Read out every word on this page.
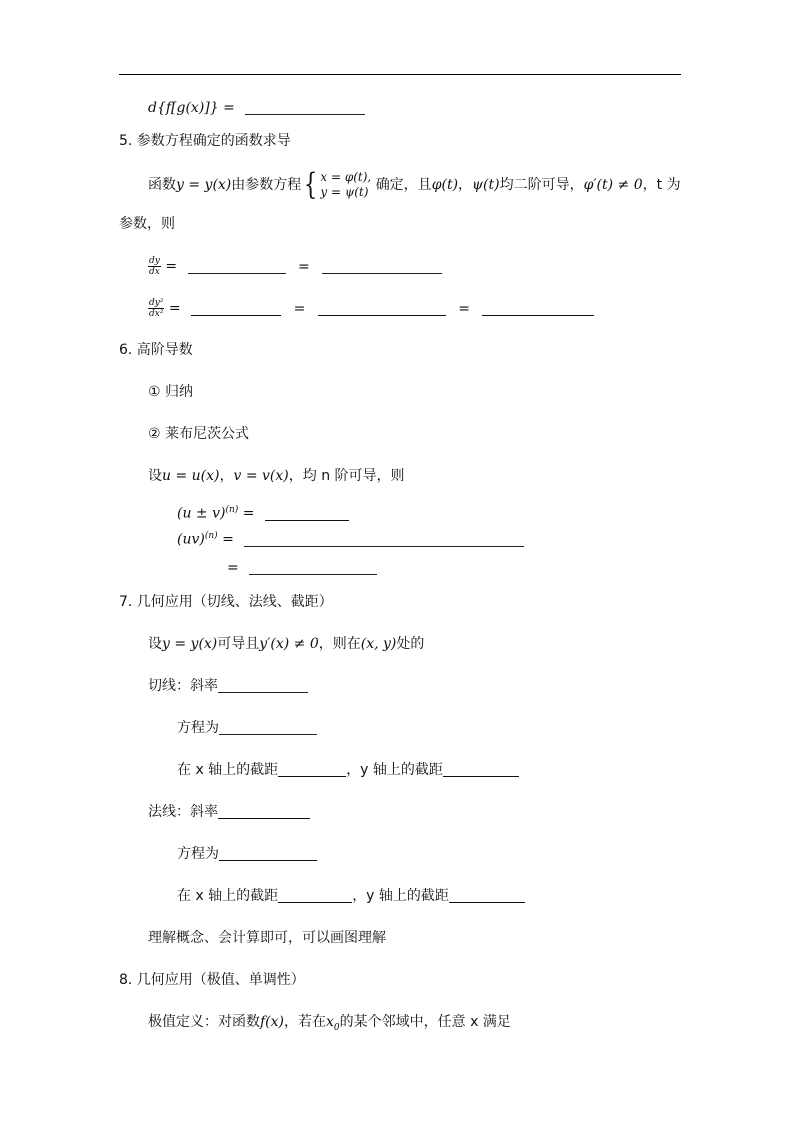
d{f[g(x)]} =
5. 参数方程确定的函数求导
函数y = y(x)由参数方程{ x = φ(t),
y = ψ(t) 确定，且φ(t)，ψ(t)均二阶可导，φ′(t) ≠ 0，t 为
参数，则
$\frac{dy}{dx}$ =	=
$\frac{\text{dy²}}{\text{dx²}}$ =	=	=
6. 高阶导数
① 归纳
② 莱布尼茨公式
设u = u(x)，v = v(x)，均 n 阶可导，则
$(u \pm v)^{(n)}$ =
(uv)$^{(n)}$ =
=
7. 几何应用（切线、法线、截距）
设y = y(x)可导且y′(x) ≠ 0，则在(x, y)处的
切线：斜率
方程为
在 x 轴上的截距	，y 轴上的截距
法线：斜率
方程为
在 x 轴上的截距	，y 轴上的截距
理解概念、会计算即可，可以画图理解
8. 几何应用（极值、单调性）
极值定义：对函数f(x)，若在$x_0$的某个邻域中，任意 x 满足
